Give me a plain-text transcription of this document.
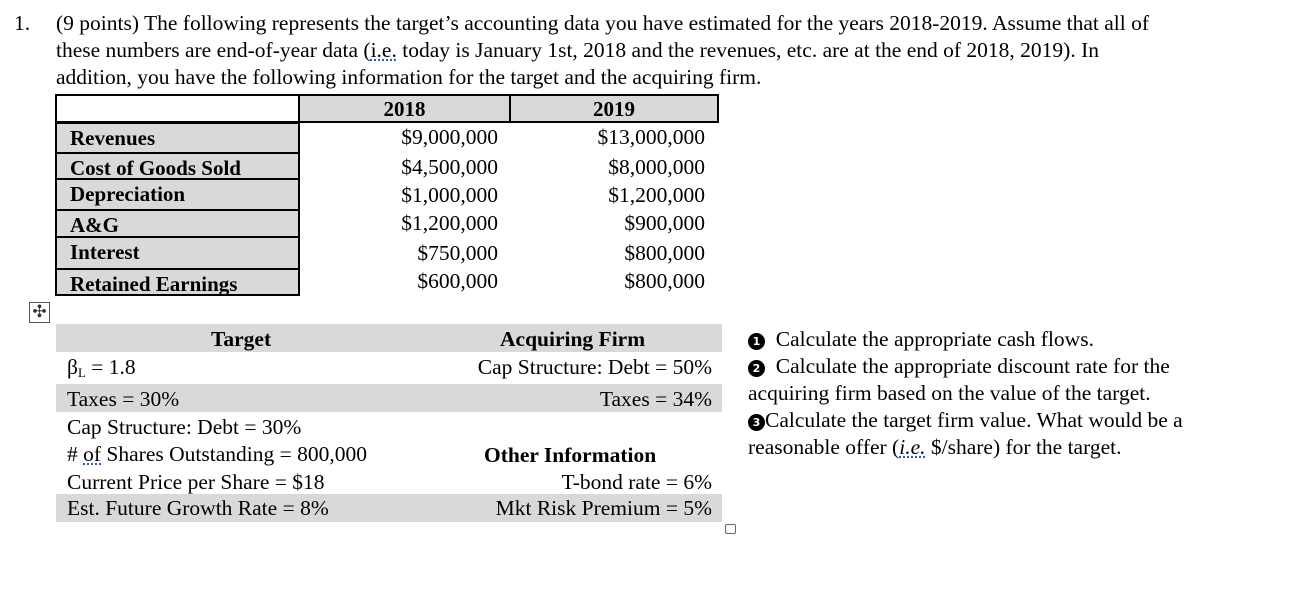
1. (9 points) The following represents the target’s accounting data you have estimated for the years 2018-2019. Assume that all of
these numbers are end-of-year data (i.e. today is January 1st, 2018 and the revenues, etc. are at the end of 2018, 2019). In
addition, you have the following information for the target and the acquiring firm.
2018	2019
Revenues	$9,000,000	$13,000,000
Cost of Goods Sold	$4,500,000	$8,000,000
Depreciation	$1,000,000	$1,200,000
A&G	$1,200,000	$900,000
Interest	$750,000	$800,000
Retained Earnings	$600,000	$800,000
✣
Target	Acquiring Firm
βL = 1.8	Cap Structure: Debt = 50%
Taxes = 30%	Taxes = 34%
Cap Structure: Debt = 30%
# of Shares Outstanding = 800,000	Other Information
Current Price per Share = $18	T-bond rate = 6%
Est. Future Growth Rate = 8%	Mkt Risk Premium = 5%
1 Calculate the appropriate cash flows.
2 Calculate the appropriate discount rate for the
acquiring firm based on the value of the target.
3 Calculate the target firm value. What would be a
reasonable offer (i.e. $/share) for the target.
